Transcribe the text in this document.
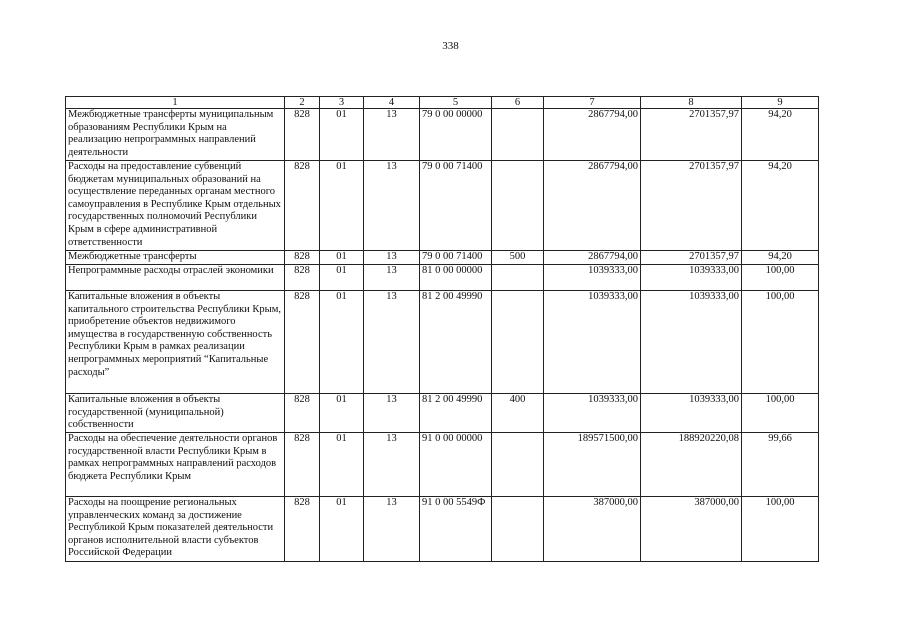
338
1	2	3	4	5	6	7	8	9
Межбюджетные трансферты муниципальным образованиям Республики Крым на реализацию непрограммных направлений деятельности	828	01	13	79 0 00 00000		2867794,00	2701357,97	94,20
Расходы на предоставление субвенций бюджетам муниципальных образований на осуществление переданных органам местного самоуправления в Республике Крым отдельных государственных полномочий Республики Крым в сфере административной ответственности	828	01	13	79 0 00 71400		2867794,00	2701357,97	94,20
Межбюджетные трансферты	828	01	13	79 0 00 71400	500	2867794,00	2701357,97	94,20
Непрограммные расходы отраслей экономики	828	01	13	81 0 00 00000		1039333,00	1039333,00	100,00
Капитальные вложения в объекты капитального строительства Республики Крым, приобретение объектов недвижимого имущества в государственную собственность Республики Крым в рамках реализации непрограммных мероприятий “Капитальные расходы”	828	01	13	81 2 00 49990		1039333,00	1039333,00	100,00
Капитальные вложения в объекты государственной (муниципальной) собственности	828	01	13	81 2 00 49990	400	1039333,00	1039333,00	100,00
Расходы на обеспечение деятельности органов государственной власти Республики Крым в рамках непрограммных направлений расходов бюджета Республики Крым	828	01	13	91 0 00 00000		189571500,00	188920220,08	99,66
Расходы на поощрение региональных управленческих команд за достижение Республикой Крым показателей деятельности органов исполнительной власти субъектов Российской Федерации	828	01	13	91 0 00 5549Ф		387000,00	387000,00	100,00
